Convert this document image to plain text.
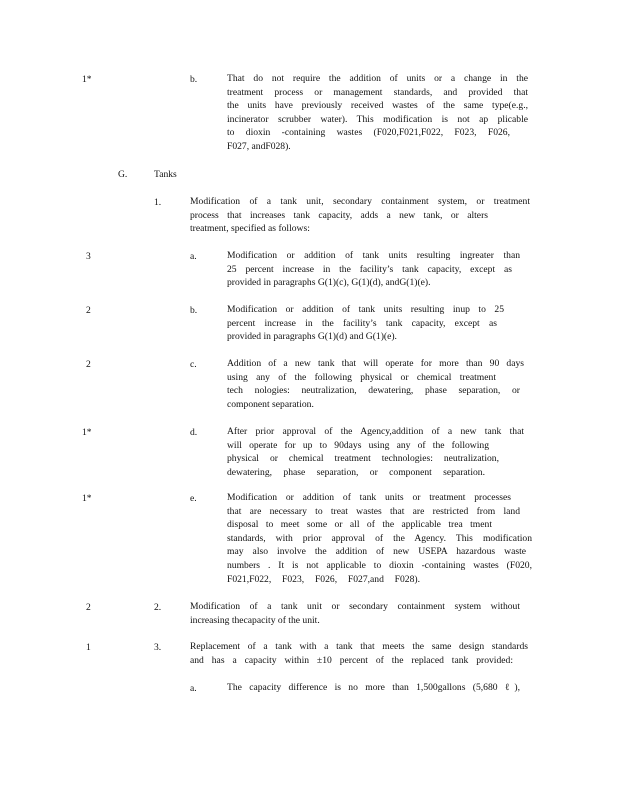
1*	b.	That do not require the addition of units or a change in the
treatment process or management standards, and provided that
the units have previously received wastes of the same type(e.g.,
incinerator scrubber water). This modification is not ap plicable
to dioxin -containing wastes (F020,F021,F022, F023, F026,
F027, andF028).
G.	Tanks
1.	Modification of a tank unit, secondary containment system, or treatment
process that increases tank capacity, adds a new tank, or alters
treatment, specified as follows:
3	a.	Modification or addition of tank units resulting ingreater than
25 percent increase in the facility’s tank capacity, except as
provided in paragraphs G(1)(c), G(1)(d), andG(1)(e).
2	b.	Modification or addition of tank units resulting inup to 25
percent increase in the facility’s tank capacity, except as
provided in paragraphs G(1)(d) and G(1)(e).
2	c.	Addition of a new tank that will operate for more than 90 days
using any of the following physical or chemical treatment
tech nologies: neutralization, dewatering, phase separation, or
component separation.
1*	d.	After prior approval of the Agency,addition of a new tank that
will operate for up to 90days using any of the following
physical or chemical treatment technologies: neutralization,
dewatering, phase separation, or component separation.
1*	e.	Modification or addition of tank units or treatment processes
that are necessary to treat wastes that are restricted from land
disposal to meet some or all of the applicable trea tment
standards, with prior approval of the Agency. This modification
may also involve the addition of new USEPA hazardous waste
numbers . It is not applicable to dioxin -containing wastes (F020,
F021,F022, F023, F026, F027,and F028).
2	2.	Modification of a tank unit or secondary containment system without
increasing thecapacity of the unit.
1	3.	Replacement of a tank with a tank that meets the same design standards
and has a capacity within ±10 percent of the replaced tank provided:
a.	The capacity difference is no more than 1,500gallons (5,680 ℓ),
